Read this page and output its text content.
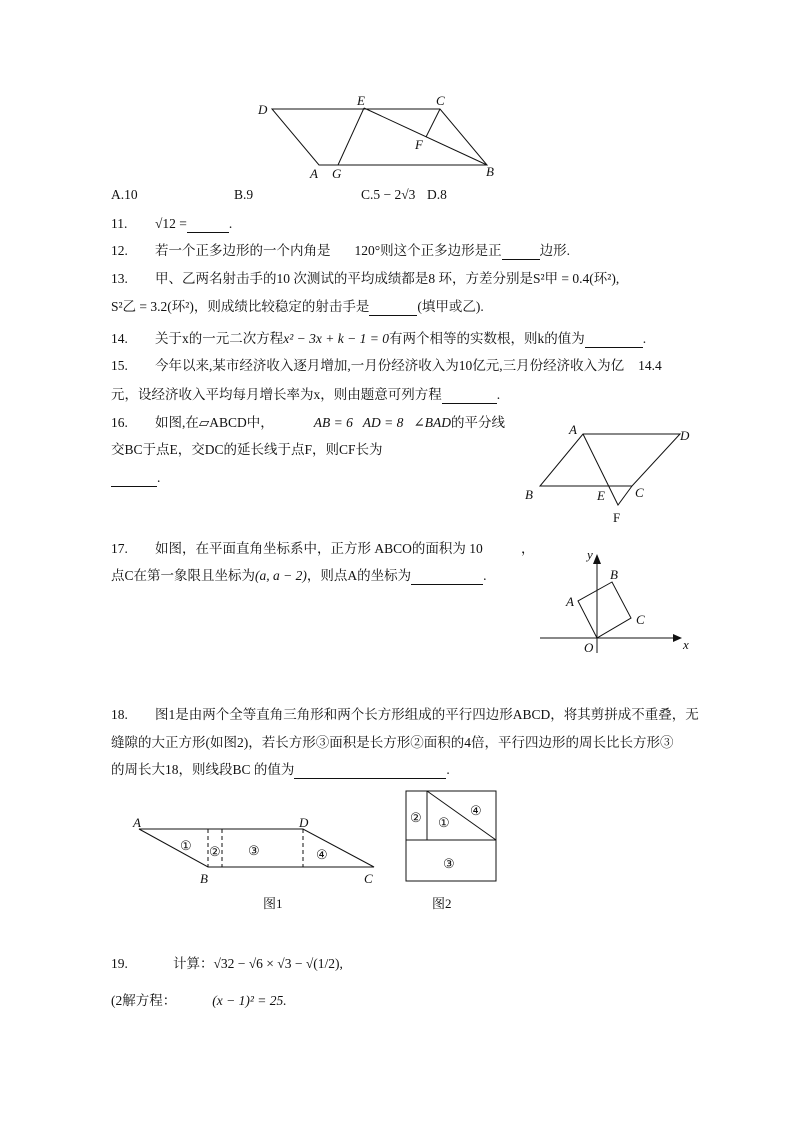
D
E	C
F
A G	B
A	D
B	E C
F
y
B
A
C
O	x
A	D
B	C
① ② ③	④
② ①
④
③
图1	图2
A.10	B.9	C.5 − 2√3 D.8
11. √12 =	.
12. 若一个正多边形的一个内角是 120°则这个正多边形是正	边形.
13. 甲、乙两名射击手的10 次测试的平均成绩都是8 环，方差分别是S²甲 = 0.4(环²),
S²乙 = 3.2(环²)，则成绩比较稳定的射击手是	(填甲或乙).
14. 关于x的一元二次方程x² − 3x + k − 1 = 0有两个相等的实数根，则k的值为	.
15. 今年以来,某市经济收入逐月增加,一月份经济收入为10亿元,三月份经济收入为亿 14.4
元，设经济收入平均每月增长率为x，则由题意可列方程	.
16. 如图,在▱ABCD中，	AB = 6   AD = 8   ∠BAD的平分线
交BC于点E，交DC的延长线于点F，则CF长为
.
17. 如图，在平面直角坐标系中，正方形 ABCO的面积为 10	，
点C在第一象限且坐标为(a, a − 2)，则点A的坐标为	.
18. 图1是由两个全等直角三角形和两个长方形组成的平行四边形ABCD，将其剪拼成不重叠，无
缝隙的大正方形(如图2)，若长方形③面积是长方形②面积的4倍，平行四边形的周长比长方形③
的周长大18，则线段BC 的值为	.
19.	计算：√32 − √6 × √3 − √(1/2),
(2解方程：	(x − 1)² = 25.
